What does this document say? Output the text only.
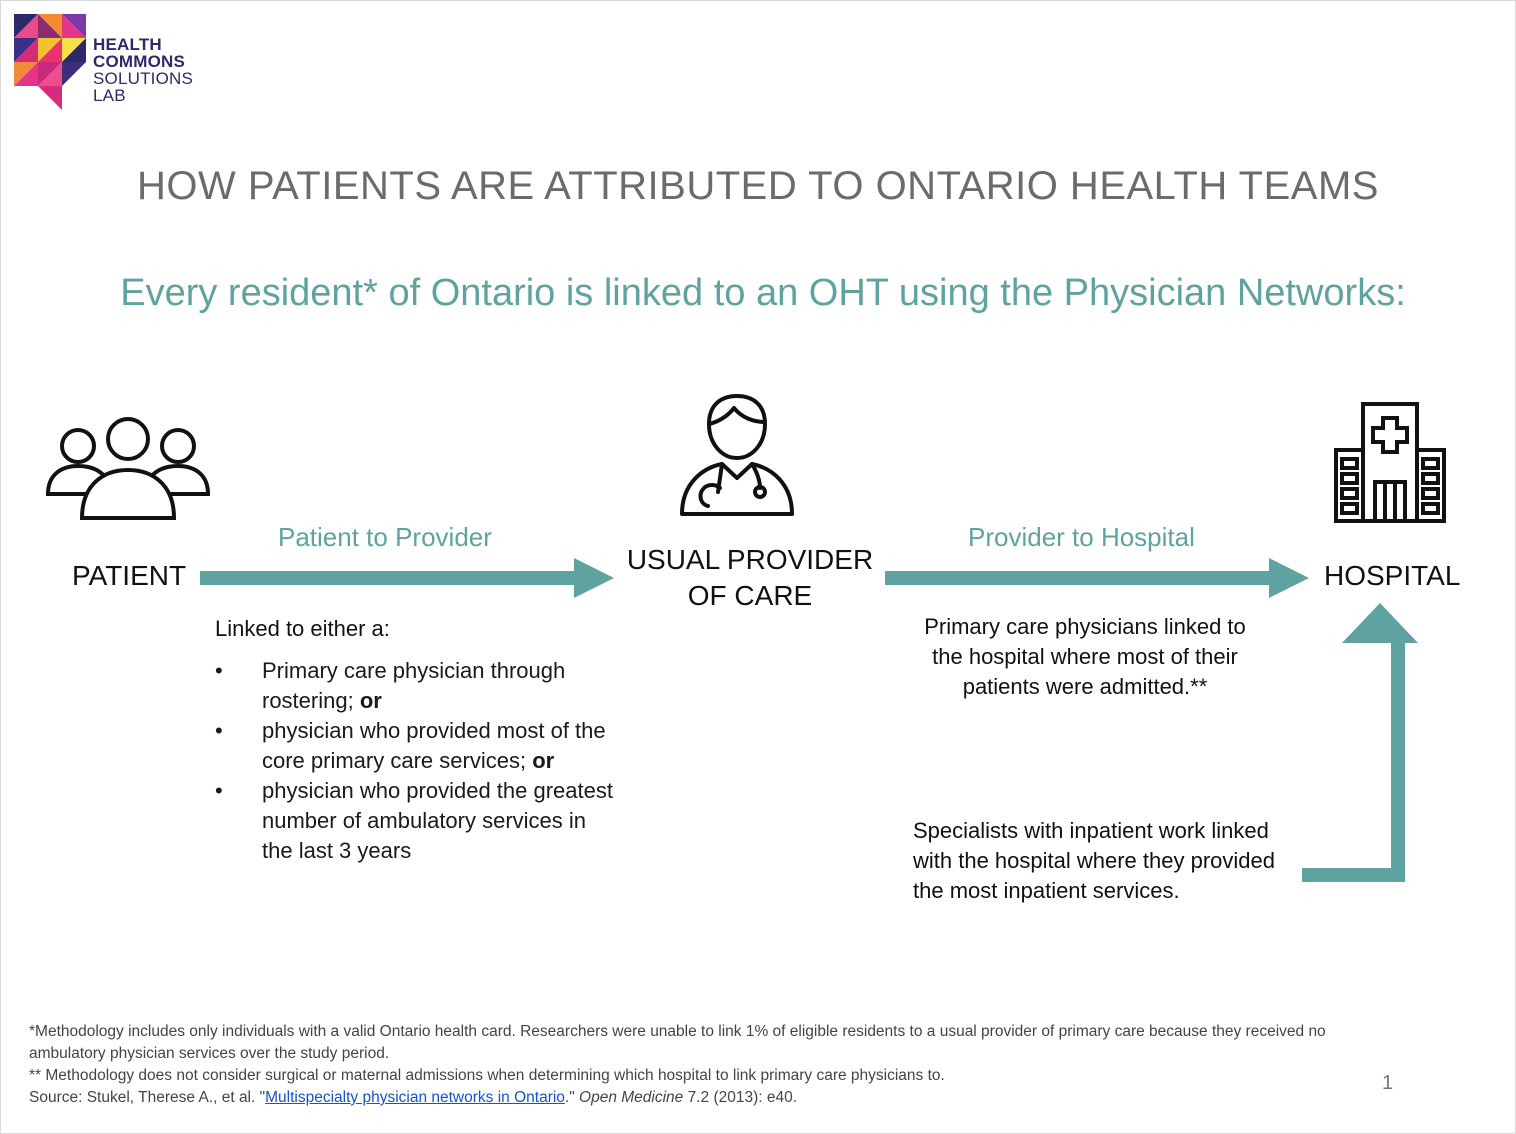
HEALTH
COMMONS
SOLUTIONS
LAB
HOW PATIENTS ARE ATTRIBUTED TO ONTARIO HEALTH TEAMS
Every resident* of Ontario is linked to an OHT using the Physician Networks:
PATIENT
USUAL PROVIDER
OF CARE
HOSPITAL
Patient to Provider	Provider to Hospital
Linked to either a:
• Primary care physician through rostering; or
• physician who provided most of the core primary care services; or
• physician who provided the greatest number of ambulatory services in the last 3 years
Primary care physicians linked to the hospital where most of their patients were admitted.**
Specialists with inpatient work linked with the hospital where they provided the most inpatient services.
*Methodology includes only individuals with a valid Ontario health card. Researchers were unable to link 1% of eligible residents to a usual provider of primary care because they received no ambulatory physician services over the study period.
** Methodology does not consider surgical or maternal admissions when determining which hospital to link primary care physicians to.
Source: Stukel, Therese A., et al. "Multispecialty physician networks in Ontario." Open Medicine 7.2 (2013): e40.
1
